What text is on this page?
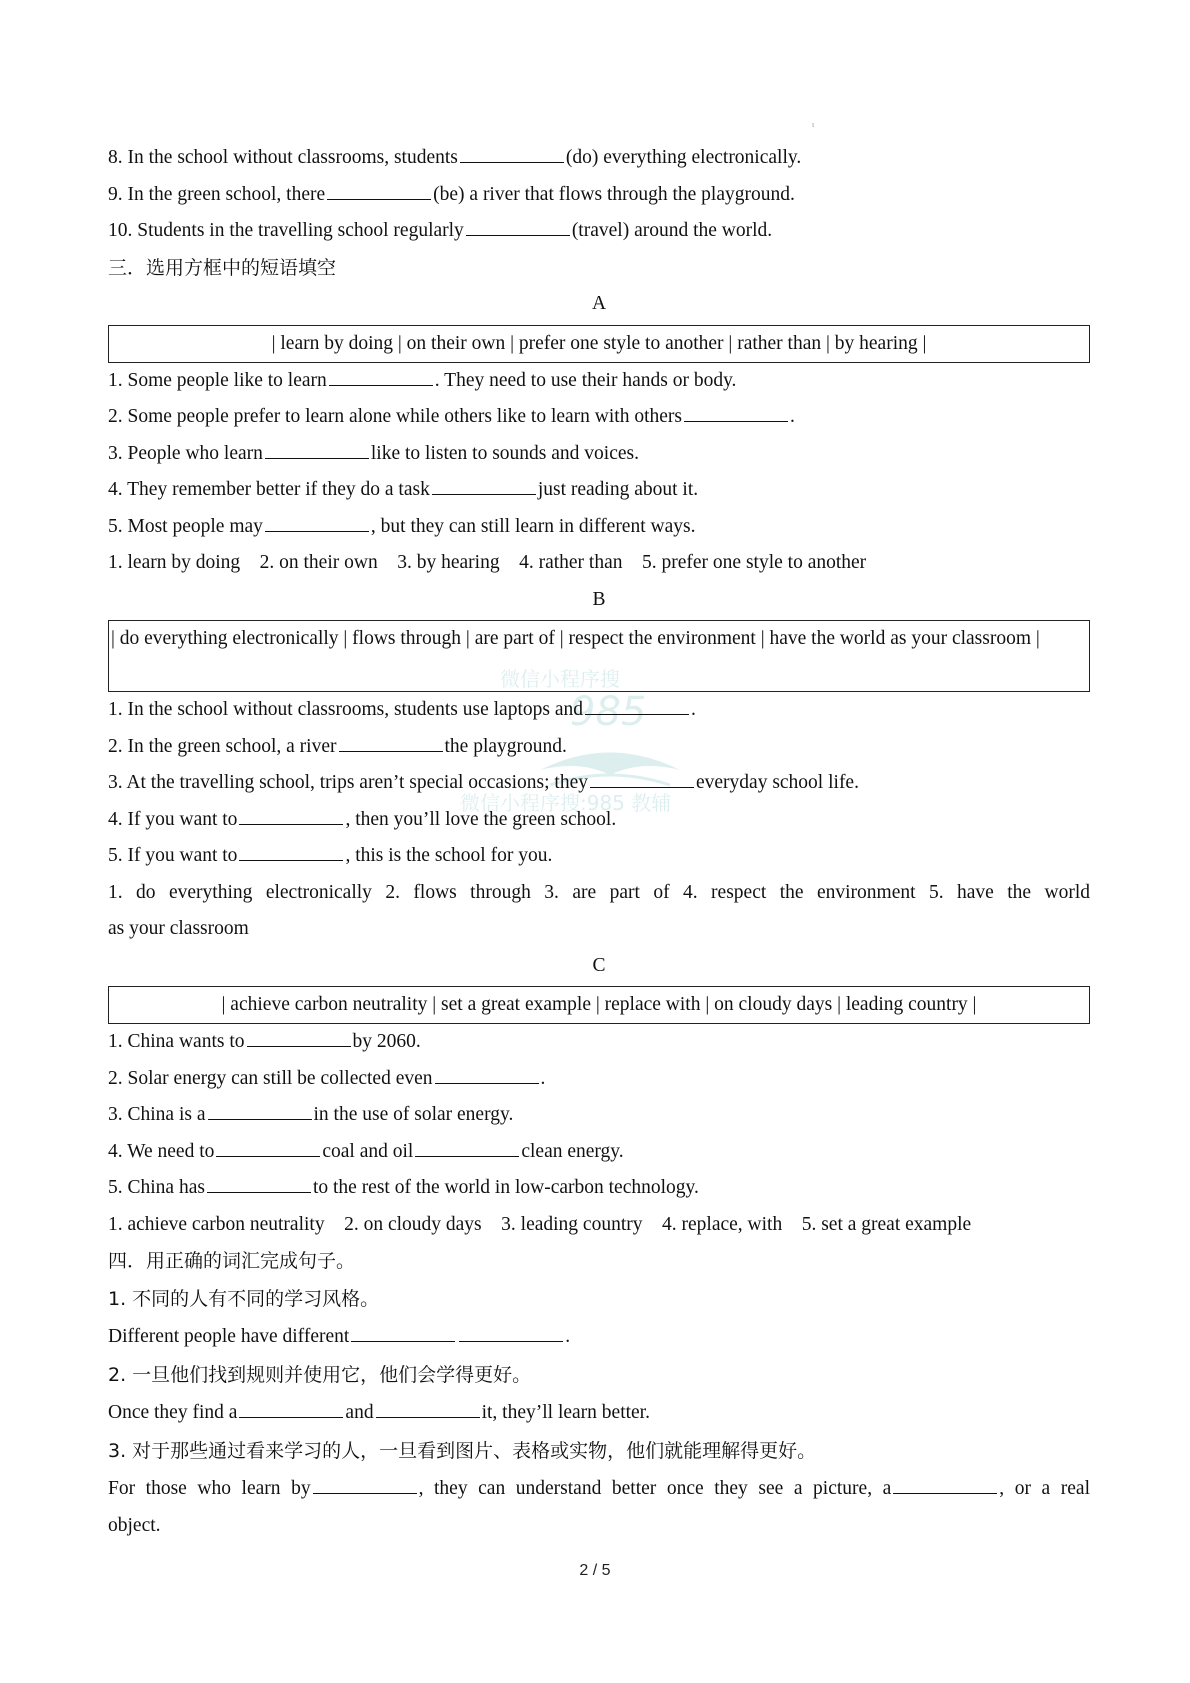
ι
微信小程序搜
985
微信小程序搜:985 教辅
8. In the school without classrooms, students	(do) everything electronically.
9. In the green school, there	(be) a river that flows through the playground.
10. Students in the travelling school regularly	(travel) around the world.
三．选用方框中的短语填空
A
| learn by doing | on their own | prefer one style to another | rather than | by hearing |
1. Some people like to learn	. They need to use their hands or body.
2. Some people prefer to learn alone while others like to learn with others	.
3. People who learn	like to listen to sounds and voices.
4. They remember better if they do a task	just reading about it.
5. Most people may	, but they can still learn in different ways.
1. learn by doing 2. on their own 3. by hearing 4. rather than 5. prefer one style to another
B
| do everything electronically | flows through | are part of | respect the environment | have the world as your classroom |
1. In the school without classrooms, students use laptops and	.
2. In the green school, a river	the playground.
3. At the travelling school, trips aren’t special occasions; they	everyday school life.
4. If you want to	, then you’ll love the green school.
5. If you want to	, this is the school for you.
1. do everything electronically 2. flows through 3. are part of 4. respect the environment 5. have the world
as your classroom
C
| achieve carbon neutrality | set a great example | replace with | on cloudy days | leading country |
1. China wants to	by 2060.
2. Solar energy can still be collected even	.
3. China is a	in the use of solar energy.
4. We need to	coal and oil	clean energy.
5. China has	to the rest of the world in low-carbon technology.
1. achieve carbon neutrality 2. on cloudy days 3. leading country 4. replace, with 5. set a great example
四．用正确的词汇完成句子。
1. 不同的人有不同的学习风格。
Different people have different	.
2. 一旦他们找到规则并使用它，他们会学得更好。
Once they find a	and	it, they’ll learn better.
3. 对于那些通过看来学习的人，一旦看到图片、表格或实物，他们就能理解得更好。
For those who learn by	, they can understand better once they see a picture, a	, or a real
object.
2 / 5
